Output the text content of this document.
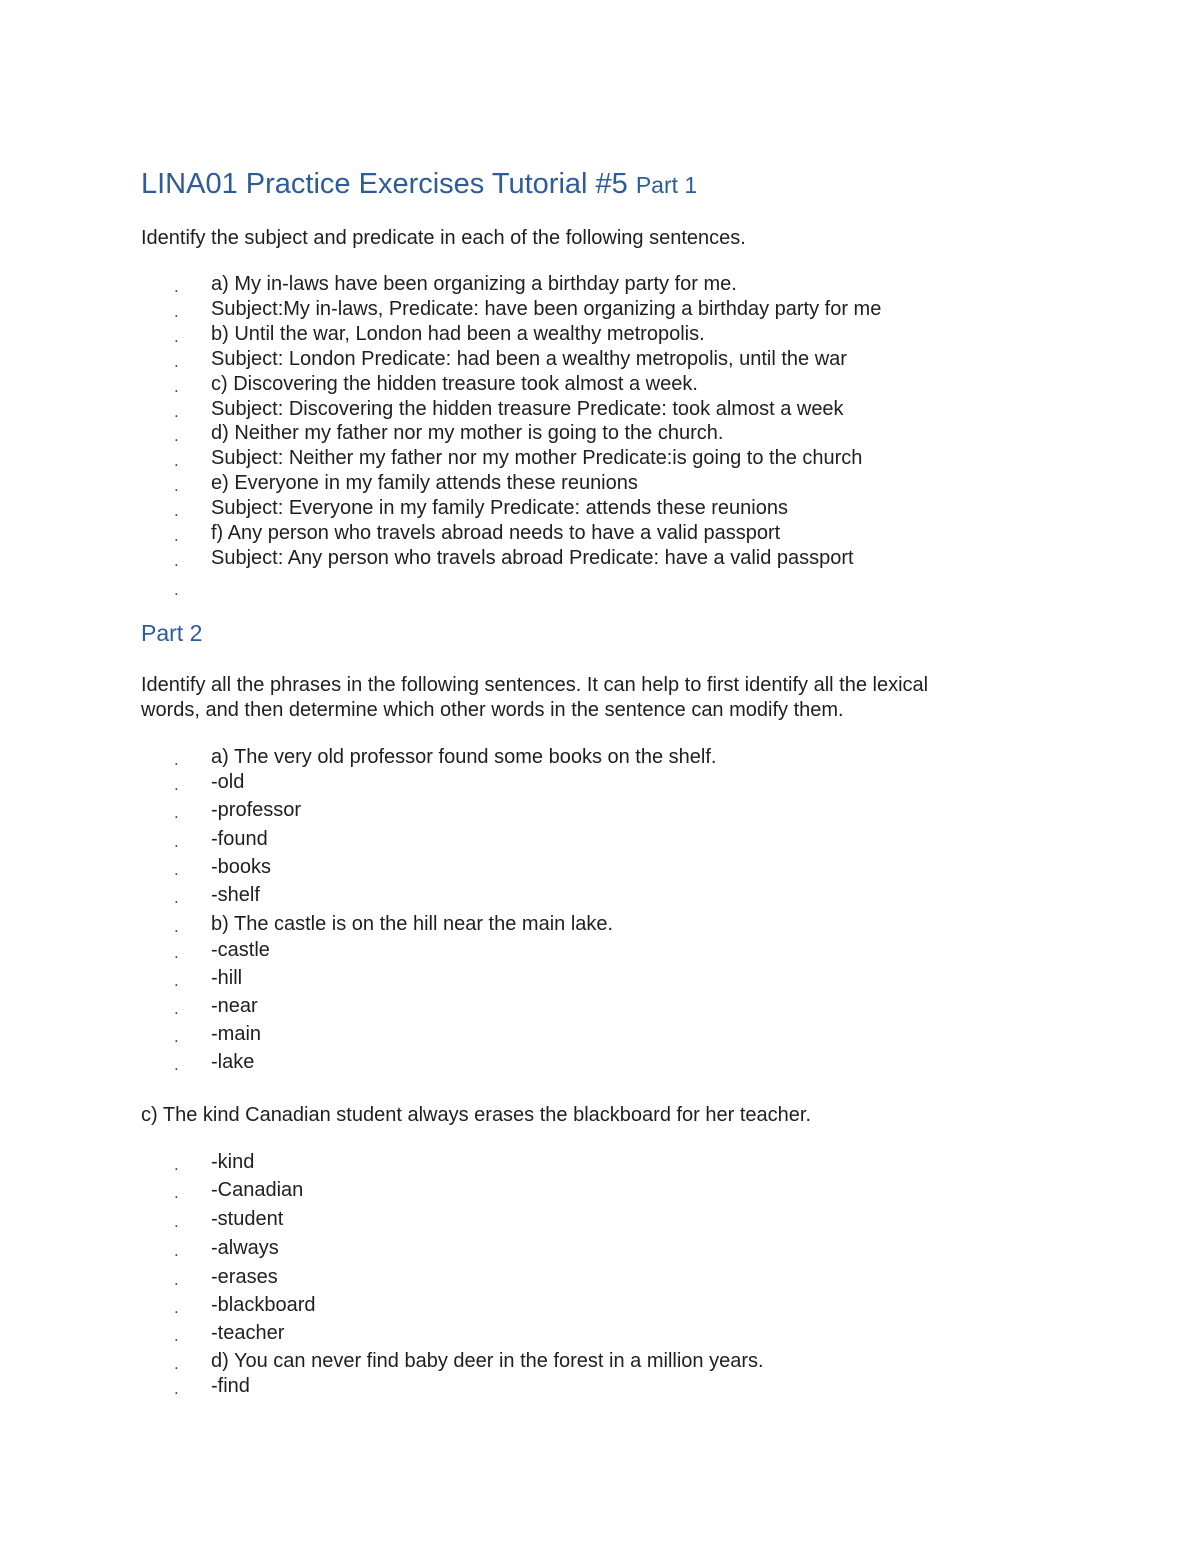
LINA01 Practice Exercises Tutorial #5 Part 1

Identify the subject and predicate in each of the following sentences.

. a) My in-laws have been organizing a birthday party for me.
. Subject:My in-laws, Predicate: have been organizing a birthday party for me
. b) Until the war, London had been a wealthy metropolis.
. Subject: London Predicate: had been a wealthy metropolis, until the war
. c) Discovering the hidden treasure took almost a week.
. Subject: Discovering the hidden treasure Predicate: took almost a week
. d) Neither my father nor my mother is going to the church.
. Subject: Neither my father nor my mother Predicate:is going to the church
. e) Everyone in my family attends these reunions
. Subject: Everyone in my family Predicate: attends these reunions
. f) Any person who travels abroad needs to have a valid passport
. Subject: Any person who travels abroad Predicate: have a valid passport
.
Part 2

Identify all the phrases in the following sentences. It can help to first identify all the lexical

words, and then determine which other words in the sentence can modify them.

. a) The very old professor found some books on the shelf.
. -old
. -professor
. -found
. -books
. -shelf
. b) The castle is on the hill near the main lake.
. -castle
. -hill
. -near
. -main
. -lake

c) The kind Canadian student always erases the blackboard for her teacher.

. -kind
. -Canadian
. -student
. -always
. -erases
. -blackboard
. -teacher
. d) You can never find baby deer in the forest in a million years.
. -find
